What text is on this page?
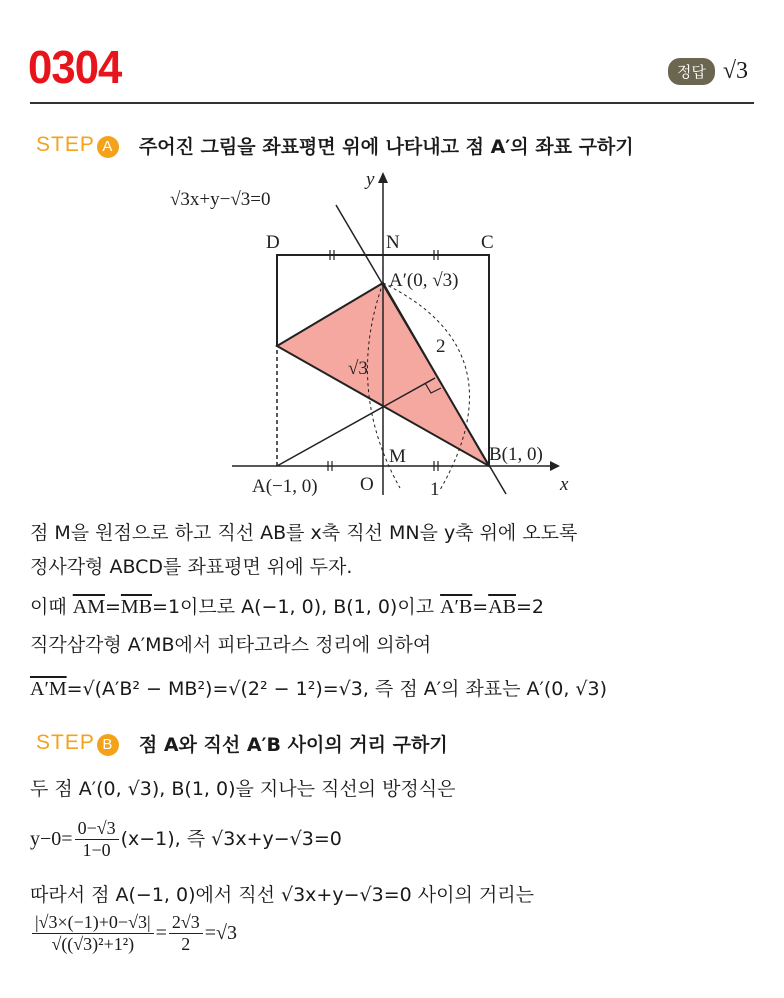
0304	정답 √3
STEP A 주어진 그림을 좌표평면 위에 나타내고 점 A′의 좌표 구하기
√3x+y−√3=0
y
x
D	N	C
A′(0, √3)
2
√3
M	B(1, 0)
A(−1, 0) O	1
점 M을 원점으로 하고 직선 AB를 x축 직선 MN을 y축 위에 오도록
정사각형 ABCD를 좌표평면 위에 두자.
이때 $\overline{AM}=\overline{MB}=1$이므로 A(−1, 0), B(1, 0)이고 $A'B=\overline{AB}=2$
직각삼각형 A′MB에서 피타고라스 정리에 의하여
A′M=√(A′B² − MB²)=√(2² − 1²)=√3, 즉 점 A′의 좌표는 A′(0, √3)
STEP B 점 A와 직선 A′B 사이의 거리 구하기
두 점 A′(0, √3), B(1, 0)을 지나는 직선의 방정식은
$y-0= \frac{0-√3}{1-0} (x-1)$, 즉 √3x+y−√3=0
따라서 점 A(−1, 0)에서 직선 √3x+y−√3=0 사이의 거리는
$\frac{|√3\times(-1)+0-√3|}{\text{√((√3)²+1²)}} = \frac{2√3}{2} =√3$
